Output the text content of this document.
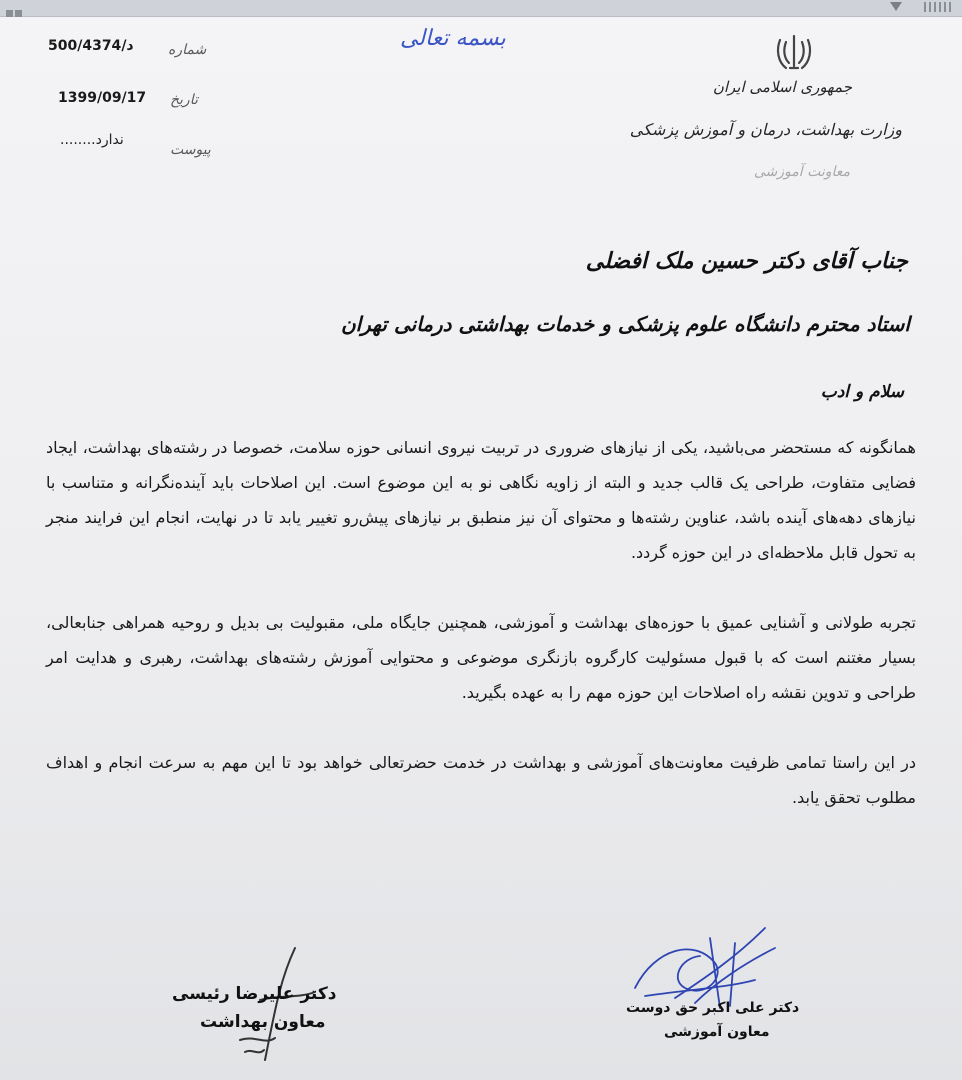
د/500/4374 شماره

1399/09/17 تاریخ

ندارد........

پیوست

بسمه تعالی

جمهوری اسلامی ایران

وزارت بهداشت، درمان و آموزش پزشکی

معاونت آموزشی

جناب آقای دکتر حسین ملک افضلی

استاد محترم دانشگاه علوم پزشکی و خدمات بهداشتی درمانی تهران

سلام و ادب

همانگونه که مستحضر می‌باشید، یکی از نیازهای ضروری در تربیت نیروی انسانی حوزه سلامت، خصوصا در رشته‌های بهداشت، ایجاد فضایی متفاوت، طراحی یک قالب جدید و البته از زاویه نگاهی نو به این موضوع است. این اصلاحات باید آینده‌نگرانه و متناسب با نیازهای دهه‌های آینده باشد، عناوین رشته‌ها و محتوای آن نیز منطبق بر نیازهای پیش‌رو تغییر یابد تا در نهایت، انجام این فرایند منجر به تحول قابل ملاحظه‌ای در این حوزه گردد.

تجربه طولانی و آشنایی عمیق با حوزه‌های بهداشت و آموزشی، همچنین جایگاه ملی، مقبولیت بی بدیل و روحیه همراهی جنابعالی، بسیار مغتنم است که با قبول مسئولیت کارگروه بازنگری موضوعی و محتوایی آموزش رشته‌های بهداشت، رهبری و هدایت امر طراحی و تدوین نقشه راه اصلاحات این حوزه مهم را به عهده بگیرید.

در این راستا تمامی ظرفیت معاونت‌های آموزشی و بهداشت در خدمت حضرتعالی خواهد بود تا این مهم به سرعت انجام و اهداف مطلوب تحقق یابد.

دکتر علیرضا رئیسی

معاون بهداشت

دکتر علی اکبر حق دوست

معاون آموزشی
